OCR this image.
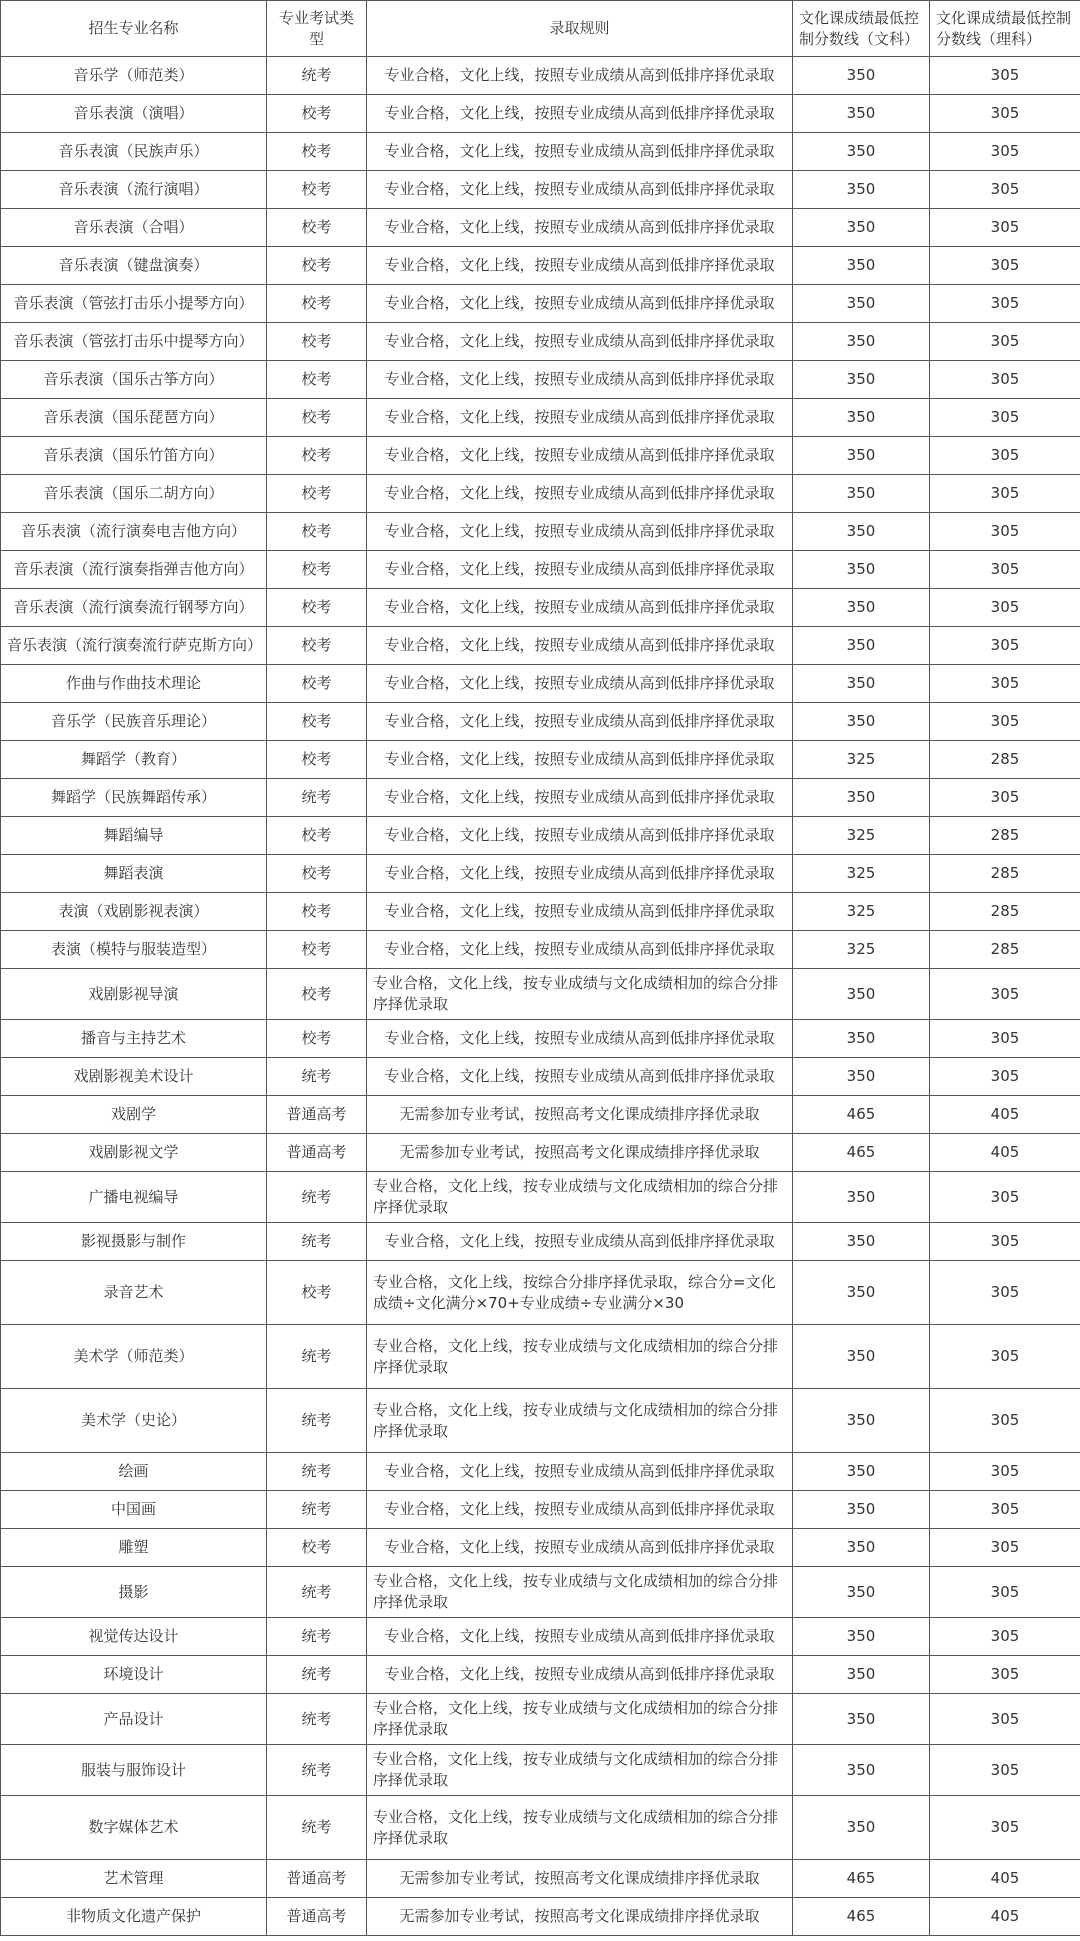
招生专业名称	专业考试类型	录取规则	文化课成绩最低控制分数线（文科）	文化课成绩最低控制分数线（理科）
音乐学（师范类）	统考	专业合格，文化上线，按照专业成绩从高到低排序择优录取	350	305
音乐表演（演唱）	校考	专业合格，文化上线，按照专业成绩从高到低排序择优录取	350	305
音乐表演（民族声乐）	校考	专业合格，文化上线，按照专业成绩从高到低排序择优录取	350	305
音乐表演（流行演唱）	校考	专业合格，文化上线，按照专业成绩从高到低排序择优录取	350	305
音乐表演（合唱）	校考	专业合格，文化上线，按照专业成绩从高到低排序择优录取	350	305
音乐表演（键盘演奏）	校考	专业合格，文化上线，按照专业成绩从高到低排序择优录取	350	305
音乐表演（管弦打击乐小提琴方向）	校考	专业合格，文化上线，按照专业成绩从高到低排序择优录取	350	305
音乐表演（管弦打击乐中提琴方向）	校考	专业合格，文化上线，按照专业成绩从高到低排序择优录取	350	305
音乐表演（国乐古筝方向）	校考	专业合格，文化上线，按照专业成绩从高到低排序择优录取	350	305
音乐表演（国乐琵琶方向）	校考	专业合格，文化上线，按照专业成绩从高到低排序择优录取	350	305
音乐表演（国乐竹笛方向）	校考	专业合格，文化上线，按照专业成绩从高到低排序择优录取	350	305
音乐表演（国乐二胡方向）	校考	专业合格，文化上线，按照专业成绩从高到低排序择优录取	350	305
音乐表演（流行演奏电吉他方向）	校考	专业合格，文化上线，按照专业成绩从高到低排序择优录取	350	305
音乐表演（流行演奏指弹吉他方向）	校考	专业合格，文化上线，按照专业成绩从高到低排序择优录取	350	305
音乐表演（流行演奏流行钢琴方向）	校考	专业合格，文化上线，按照专业成绩从高到低排序择优录取	350	305
音乐表演（流行演奏流行萨克斯方向）	校考	专业合格，文化上线，按照专业成绩从高到低排序择优录取	350	305
作曲与作曲技术理论	校考	专业合格，文化上线，按照专业成绩从高到低排序择优录取	350	305
音乐学（民族音乐理论）	校考	专业合格，文化上线，按照专业成绩从高到低排序择优录取	350	305
舞蹈学（教育）	校考	专业合格，文化上线，按照专业成绩从高到低排序择优录取	325	285
舞蹈学（民族舞蹈传承）	统考	专业合格，文化上线，按照专业成绩从高到低排序择优录取	350	305
舞蹈编导	校考	专业合格，文化上线，按照专业成绩从高到低排序择优录取	325	285
舞蹈表演	校考	专业合格，文化上线，按照专业成绩从高到低排序择优录取	325	285
表演（戏剧影视表演）	校考	专业合格，文化上线，按照专业成绩从高到低排序择优录取	325	285
表演（模特与服装造型）	校考	专业合格，文化上线，按照专业成绩从高到低排序择优录取	325	285
戏剧影视导演	校考	专业合格，文化上线，按专业成绩与文化成绩相加的综合分排序择优录取	350	305
播音与主持艺术	校考	专业合格，文化上线，按照专业成绩从高到低排序择优录取	350	305
戏剧影视美术设计	统考	专业合格，文化上线，按照专业成绩从高到低排序择优录取	350	305
戏剧学	普通高考	无需参加专业考试，按照高考文化课成绩排序择优录取	465	405
戏剧影视文学	普通高考	无需参加专业考试，按照高考文化课成绩排序择优录取	465	405
广播电视编导	统考	专业合格，文化上线，按专业成绩与文化成绩相加的综合分排序择优录取	350	305
影视摄影与制作	统考	专业合格，文化上线，按照专业成绩从高到低排序择优录取	350	305
录音艺术	校考	专业合格，文化上线，按综合分排序择优录取，综合分=文化成绩÷文化满分×70+专业成绩÷专业满分×30	350	305
美术学（师范类）	统考	专业合格，文化上线，按专业成绩与文化成绩相加的综合分排序择优录取	350	305
美术学（史论）	统考	专业合格，文化上线，按专业成绩与文化成绩相加的综合分排序择优录取	350	305
绘画	统考	专业合格，文化上线，按照专业成绩从高到低排序择优录取	350	305
中国画	统考	专业合格，文化上线，按照专业成绩从高到低排序择优录取	350	305
雕塑	校考	专业合格，文化上线，按照专业成绩从高到低排序择优录取	350	305
摄影	统考	专业合格，文化上线，按专业成绩与文化成绩相加的综合分排序择优录取	350	305
视觉传达设计	统考	专业合格，文化上线，按照专业成绩从高到低排序择优录取	350	305
环境设计	统考	专业合格，文化上线，按照专业成绩从高到低排序择优录取	350	305
产品设计	统考	专业合格，文化上线，按专业成绩与文化成绩相加的综合分排序择优录取	350	305
服装与服饰设计	统考	专业合格，文化上线，按专业成绩与文化成绩相加的综合分排序择优录取	350	305
数字媒体艺术	统考	专业合格，文化上线，按专业成绩与文化成绩相加的综合分排序择优录取	350	305
艺术管理	普通高考	无需参加专业考试，按照高考文化课成绩排序择优录取	465	405
非物质文化遗产保护	普通高考	无需参加专业考试，按照高考文化课成绩排序择优录取	465	405
